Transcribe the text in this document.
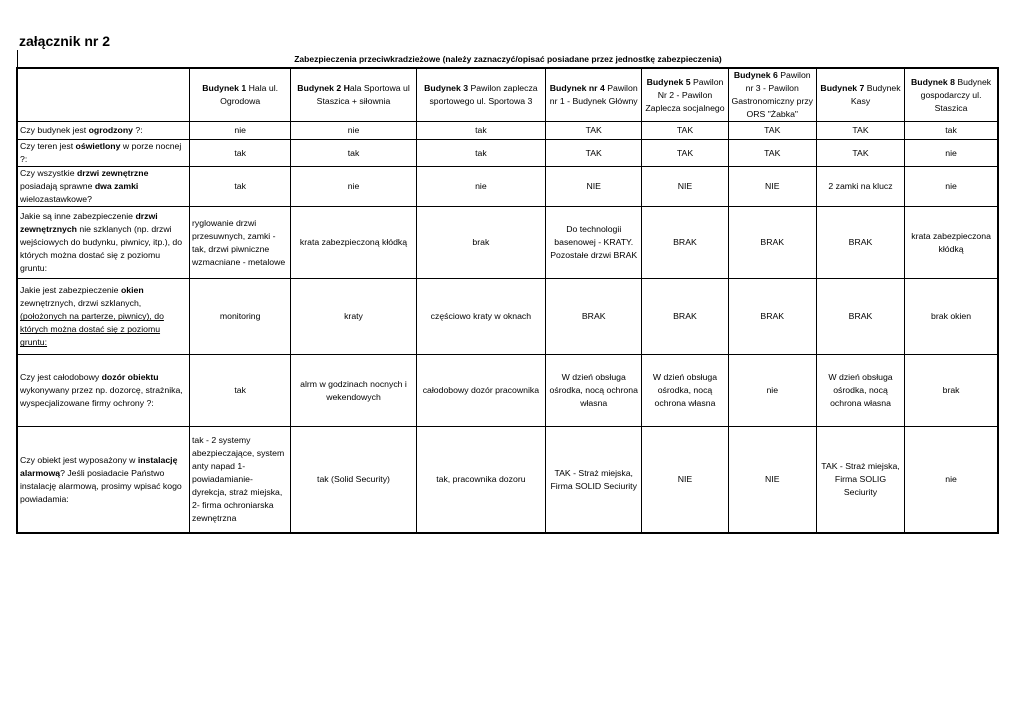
załącznik nr 2
Zabezpieczenia przeciwkradzieżowe (należy zaznaczyć/opisać posiadane przez jednostkę zabezpieczenia)
	Budynek 1 Hala ul. Ogrodowa	Budynek 2 Hala Sportowa ul Staszica + siłownia	Budynek 3 Pawilon zaplecza sportowego ul. Sportowa 3	Budynek nr 4 Pawilon nr 1 - Budynek Główny	Budynek 5 Pawilon Nr 2 - Pawilon Zaplecza socjalnego	Budynek 6 Pawilon nr 3 - Pawilon Gastronomiczny przy ORS "Żabka"	Budynek 7 Budynek Kasy	Budynek 8 Budynek gospodarczy ul. Staszica
Czy budynek jest ogrodzony ?:	nie	nie	tak	TAK	TAK	TAK	TAK	tak
Czy teren jest oświetlony w porze nocnej ?:	tak	tak	tak	TAK	TAK	TAK	TAK	nie
Czy wszystkie drzwi zewnętrzne posiadają sprawne dwa zamki wielozastawkowe?	tak	nie	nie	NIE	NIE	NIE	2 zamki na klucz	nie
Jakie są inne zabezpieczenie drzwi zewnętrznych nie szklanych (np. drzwi wejściowych do budynku, piwnicy, itp.), do których można dostać się z poziomu gruntu:	ryglowanie drzwi przesuwnych, zamki - tak, drzwi piwniczne wzmacniane - metalowe	krata zabezpieczoną kłódką	brak	Do technologii basenowej - KRATY. Pozostałe drzwi BRAK	BRAK	BRAK	BRAK	krata zabezpieczona kłódką
Jakie jest zabezpieczenie okien zewnętrznych, drzwi szklanych, (położonych na parterze, piwnicy), do których można dostać się z poziomu gruntu:	monitoring	kraty	częściowo kraty w oknach	BRAK	BRAK	BRAK	BRAK	brak okien
Czy jest całodobowy dozór obiektu wykonywany przez np. dozorcę, strażnika, wyspecjalizowane firmy ochrony ?:	tak	alrm w godzinach nocnych i wekendowych	całodobowy dozór pracownika	W dzień obsługa ośrodka, nocą ochrona własna	W dzień obsługa ośrodka, nocą ochrona własna	nie	W dzień obsługa ośrodka, nocą ochrona własna	brak
Czy obiekt jest wyposażony w instalację alarmową? Jeśli posiadacie Państwo instalację alarmową, prosimy wpisać kogo powiadamia:	tak - 2 systemy abezpieczające, system anty napad 1- powiadamianie- dyrekcja, straż miejska, 2- firma ochroniarska zewnętrzna	tak (Solid Security)	tak, pracownika dozoru	TAK - Straż miejska, Firma SOLID Seciurity	NIE	NIE	TAK - Straż miejska, Firma SOLIG Seciurity	nie
